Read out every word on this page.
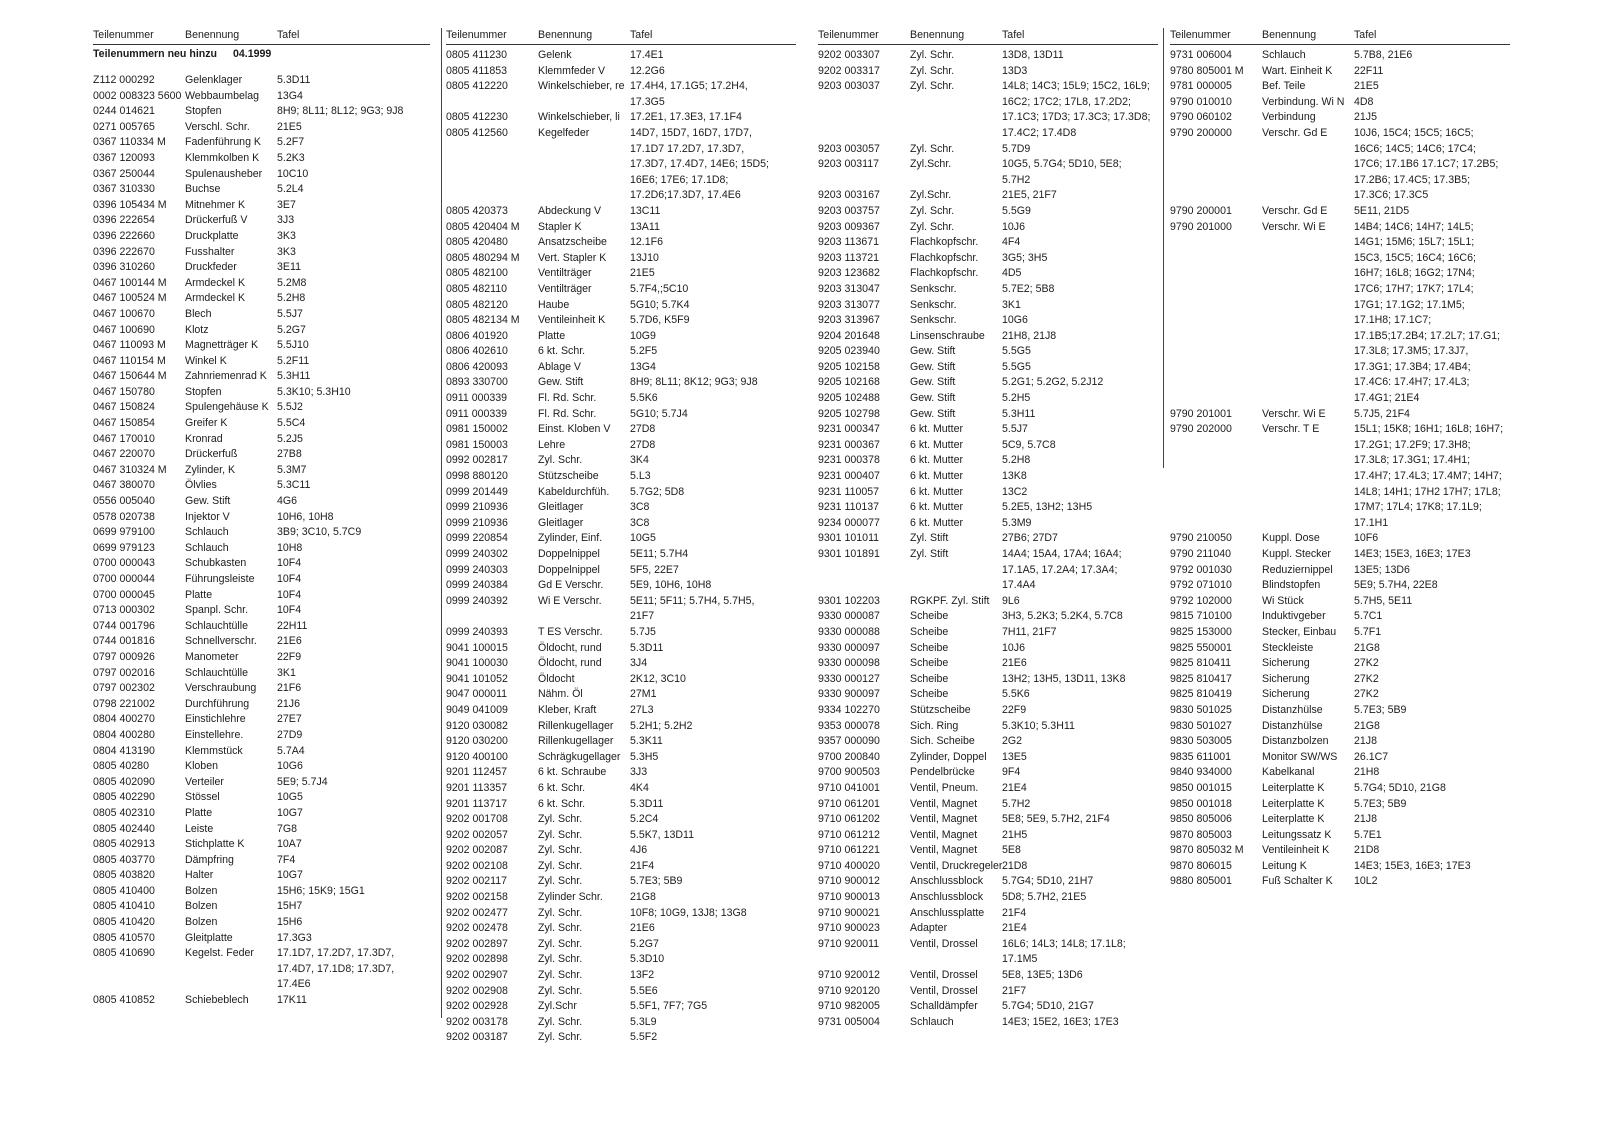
Teilenummer	Benennung	Tafel
Teilenummern neu hinzu 04.1999
Z112 000292	Gelenklager	5.3D11
0002 008323 5600 Webbaumbelag	13G4
0244 014621	Stopfen	8H9; 8L11; 8L12; 9G3; 9J8
0271 005765	Verschl. Schr.	21E5
0367 110334 M	Fadenführung K	5.2F7
0367 120093	Klemmkolben K	5.2K3
0367 250044	Spulenausheber	10C10
0367 310330	Buchse	5.2L4
0396 105434 M	Mitnehmer K	3E7
0396 222654	Drückerfuß V	3J3
0396 222660	Druckplatte	3K3
0396 222670	Fusshalter	3K3
0396 310260	Druckfeder	3E11
0467 100144 M	Armdeckel K	5.2M8
0467 100524 M	Armdeckel K	5.2H8
0467 100670	Blech	5.5J7
0467 100690	Klotz	5.2G7
0467 110093 M	Magnetträger K	5.5J10
0467 110154 M	Winkel K	5.2F11
0467 150644 M	Zahnriemenrad K 5.3H11
0467 150780	Stopfen	5.3K10; 5.3H10
0467 150824	Spulengehäuse K 5.5J2
0467 150854	Greifer K	5.5C4
0467 170010	Kronrad	5.2J5
0467 220070	Drückerfuß	27B8
0467 310324 M	Zylinder, K	5.3M7
0467 380070	Ölvlies	5.3C11
0556 005040	Gew. Stift	4G6
0578 020738	Injektor V	10H6, 10H8
0699 979100	Schlauch	3B9; 3C10, 5.7C9
0699 979123	Schlauch	10H8
0700 000043	Schubkasten	10F4
0700 000044	Führungsleiste	10F4
0700 000045	Platte	10F4
0713 000302	Spanpl. Schr.	10F4
0744 001796	Schlauchtülle	22H11
0744 001816	Schnellverschr.	21E6
0797 000926	Manometer	22F9
0797 002016	Schlauchtülle	3K1
0797 002302	Verschraubung	21F6
0798 221002	Durchführung	21J6
0804 400270	Einstichlehre	27E7
0804 400280	Einstellehre.	27D9
0804 413190	Klemmstück	5.7A4
0805 40280	Kloben	10G6
0805 402090	Verteiler	5E9; 5.7J4
0805 402290	Stössel	10G5
0805 402310	Platte	10G7
0805 402440	Leiste	7G8
0805 402913	Stichplatte K	10A7
0805 403770	Dämpfring	7F4
0805 403820	Halter	10G7
0805 410400	Bolzen	15H6; 15K9; 15G1
0805 410410	Bolzen	15H7
0805 410420	Bolzen	15H6
0805 410570	Gleitplatte	17.3G3
0805 410690	Kegelst. Feder	17.1D7, 17.2D7, 17.3D7, 17.4D7, 17.1D8; 17.3D7, 17.4E6
0805 410852	Schiebeblech	17K11
Teilenummer	Benennung	Tafel
0805 411230	Gelenk	17.4E1
0805 411853	Klemmfeder V	12.2G6
0805 412220	Winkelschieber, re 17.4H4, 17.1G5; 17.2H4, 17.3G5
0805 412230	Winkelschieber, li 17.2E1, 17.3E3, 17.1F4
0805 412560	Kegelfeder	14D7, 15D7, 16D7, 17D7, 17.1D7 17.2D7, 17.3D7, 17.3D7, 17.4D7, 14E6; 15D5; 16E6; 17E6; 17.1D8; 17.2D6;17.3D7, 17.4E6
0805 420373	Abdeckung V	13C11
0805 420404 M	Stapler K	13A11
0805 420480	Ansatzscheibe	12.1F6
0805 480294 M	Vert. Stapler K	13J10
0805 482100	Ventilträger	21E5
0805 482110	Ventilträger	5.7F4,;5C10
0805 482120	Haube	5G10; 5.7K4
0805 482134 M	Ventileinheit K	5.7D6, K5F9
0806 401920	Platte	10G9
0806 402610	6 kt. Schr.	5.2F5
0806 420093	Ablage V	13G4
0893 330700	Gew. Stift	8H9; 8L11; 8K12; 9G3; 9J8
0911 000339	Fl. Rd. Schr.	5.5K6
0911 000339	Fl. Rd. Schr.	5G10; 5.7J4
0981 150002	Einst. Kloben V	27D8
0981 150003	Lehre	27D8
0992 002817	Zyl. Schr.	3K4
0998 880120	Stützscheibe	5.L3
0999 201449	Kabeldurchfüh.	5.7G2; 5D8
0999 210936	Gleitlager	3C8
0999 210936	Gleitlager	3C8
0999 220854	Zylinder, Einf.	10G5
0999 240302	Doppelnippel	5E11; 5.7H4
0999 240303	Doppelnippel	5F5, 22E7
0999 240384	Gd E Verschr.	5E9, 10H6, 10H8
0999 240392	Wi E Verschr.	5E11; 5F11; 5.7H4, 5.7H5, 21F7
0999 240393	T ES Verschr.	5.7J5
9041 100015	Öldocht, rund	5.3D11
9041 100030	Öldocht, rund	3J4
9041 101052	Öldocht	2K12, 3C10
9047 000011	Nähm. Öl	27M1
9049 041009	Kleber, Kraft	27L3
9120 030082	Rillenkugellager	5.2H1; 5.2H2
9120 030200	Rillenkugellager	5.3K11
9120 400100	Schrägkugellager 5.3H5
9201 112457	6 kt. Schraube	3J3
9201 113357	6 kt. Schr.	4K4
9201 113717	6 kt. Schr.	5.3D11
9202 001708	Zyl. Schr.	5.2C4
9202 002057	Zyl. Schr.	5.5K7, 13D11
9202 002087	Zyl. Schr.	4J6
9202 002108	Zyl. Schr.	21F4
9202 002117	Zyl. Schr.	5.7E3; 5B9
9202 002158	Zylinder Schr.	21G8
9202 002477	Zyl. Schr.	10F8; 10G9, 13J8; 13G8
9202 002478	Zyl. Schr.	21E6
9202 002897	Zyl. Schr.	5.2G7
9202 002898	Zyl. Schr.	5.3D10
9202 002907	Zyl. Schr.	13F2
9202 002908	Zyl. Schr.	5.5E6
9202 002928	Zyl.Schr	5.5F1, 7F7; 7G5
9202 003178	Zyl. Schr.	5.3L9
9202 003187	Zyl. Schr.	5.5F2
Teilenummer	Benennung	Tafel
9202 003307	Zyl. Schr.	13D8, 13D11
9202 003317	Zyl. Schr.	13D3
9203 003037	Zyl. Schr.	14L8; 14C3; 15L9; 15C2, 16L9; 16C2; 17C2; 17L8, 17.2D2; 17.1C3; 17D3; 17.3C3; 17.3D8; 17.4C2; 17.4D8
9203 003057	Zyl. Schr.	5.7D9
9203 003117	Zyl.Schr.	10G5, 5.7G4; 5D10, 5E8; 5.7H2
9203 003167	Zyl.Schr.	21E5, 21F7
9203 003757	Zyl. Schr.	5.5G9
9203 009367	Zyl. Schr.	10J6
9203 113671	Flachkopfschr.	4F4
9203 113721	Flachkopfschr.	3G5; 3H5
9203 123682	Flachkopfschr.	4D5
9203 313047	Senkschr.	5.7E2; 5B8
9203 313077	Senkschr.	3K1
9203 313967	Senkschr.	10G6
9204 201648	Linsenschraube	21H8, 21J8
9205 023940	Gew. Stift	5.5G5
9205 102158	Gew. Stift	5.5G5
9205 102168	Gew. Stift	5.2G1; 5.2G2, 5.2J12
9205 102488	Gew. Stift	5.2H5
9205 102798	Gew. Stift	5.3H11
9231 000347	6 kt. Mutter	5.5J7
9231 000367	6 kt. Mutter	5C9, 5.7C8
9231 000378	6 kt. Mutter	5.2H8
9231 000407	6 kt. Mutter	13K8
9231 110057	6 kt. Mutter	13C2
9231 110137	6 kt. Mutter	5.2E5, 13H2; 13H5
9234 000077	6 kt. Mutter	5.3M9
9301 101011	Zyl. Stift	27B6; 27D7
9301 101891	Zyl. Stift	14A4; 15A4, 17A4; 16A4; 17.1A5, 17.2A4; 17.3A4; 17.4A4
9301 102203	RGKPF. Zyl. Stift	9L6
9330 000087	Scheibe	3H3, 5.2K3; 5.2K4, 5.7C8
9330 000088	Scheibe	7H11, 21F7
9330 000097	Scheibe	10J6
9330 000098	Scheibe	21E6
9330 000127	Scheibe	13H2; 13H5, 13D11, 13K8
9330 900097	Scheibe	5.5K6
9334 102270	Stützscheibe	22F9
9353 000078	Sich. Ring	5.3K10; 5.3H11
9357 000090	Sich. Scheibe	2G2
9700 200840	Zylinder, Doppel	13E5
9700 900503	Pendelbrücke	9F4
9710 041001	Ventil, Pneum.	21E4
9710 061201	Ventil, Magnet	5.7H2
9710 061202	Ventil, Magnet	5E8; 5E9, 5.7H2, 21F4
9710 061212	Ventil, Magnet	21H5
9710 061221	Ventil, Magnet	5E8
9710 400020	Ventil, Druckregeler 21D8
9710 900012	Anschlussblock	5.7G4; 5D10, 21H7
9710 900013	Anschlussblock	5D8; 5.7H2, 21E5
9710 900021	Anschlussplatte	21F4
9710 900023	Adapter	21E4
9710 920011	Ventil, Drossel	16L6; 14L3; 14L8; 17.1L8; 17.1M5
9710 920012	Ventil, Drossel	5E8, 13E5; 13D6
9710 920120	Ventil, Drossel	21F7
9710 982005	Schalldämpfer	5.7G4; 5D10, 21G7
9731 005004	Schlauch	14E3; 15E2, 16E3; 17E3
Teilenummer	Benennung	Tafel
9731 006004	Schlauch	5.7B8, 21E6
9780 805001 M	Wart. Einheit K	22F11
9781 000005	Bef. Teile	21E5
9790 010010	Verbindung. Wi N 4D8
9790 060102	Verbindung	21J5
9790 200000	Verschr. Gd E	10J6, 15C4; 15C5; 16C5; 16C6; 14C5; 14C6; 17C4; 17C6; 17.1B6 17.1C7; 17.2B5; 17.2B6; 17.4C5; 17.3B5; 17.3C6; 17.3C5
9790 200001	Verschr. Gd E	5E11, 21D5
9790 201000	Verschr. Wi E	14B4; 14C6; 14H7; 14L5; 14G1; 15M6; 15L7; 15L1; 15C3, 15C5; 16C4; 16C6; 16H7; 16L8; 16G2; 17N4; 17C6; 17H7; 17K7; 17L4; 17G1; 17.1G2; 17.1M5; 17.1H8; 17.1C7; 17.1B5;17.2B4; 17.2L7; 17.G1; 17.3L8; 17.3M5; 17.3J7, 17.3G1; 17.3B4; 17.4B4; 17.4C6: 17.4H7; 17.4L3; 17.4G1; 21E4
9790 201001	Verschr. Wi E	5.7J5, 21F4
9790 202000	Verschr. T E	15L1; 15K8; 16H1; 16L8; 16H7; 17.2G1; 17.2F9; 17.3H8; 17.3L8; 17.3G1; 17.4H1; 17.4H7; 17.4L3; 17.4M7; 14H7; 14L8; 14H1; 17H2 17H7; 17L8; 17M7; 17L4; 17K8; 17.1L9; 17.1H1
9790 210050	Kuppl. Dose	10F6
9790 211040	Kuppl. Stecker	14E3; 15E3, 16E3; 17E3
9792 001030	Reduziernippel	13E5; 13D6
9792 071010	Blindstopfen	5E9; 5.7H4, 22E8
9792 102000	Wi Stück	5.7H5, 5E11
9815 710100	Induktivgeber	5.7C1
9825 153000	Stecker, Einbau	5.7F1
9825 550001	Steckleiste	21G8
9825 810411	Sicherung	27K2
9825 810417	Sicherung	27K2
9825 810419	Sicherung	27K2
9830 501025	Distanzhülse	5.7E3; 5B9
9830 501027	Distanzhülse	21G8
9830 503005	Distanzbolzen	21J8
9835 611001	Monitor SW/WS	26.1C7
9840 934000	Kabelkanal	21H8
9850 001015	Leiterplatte K	5.7G4; 5D10, 21G8
9850 001018	Leiterplatte K	5.7E3; 5B9
9850 805006	Leiterplatte K	21J8
9870 805003	Leitungssatz K	5.7E1
9870 805032 M	Ventileinheit K	21D8
9870 806015	Leitung K	14E3; 15E3, 16E3; 17E3
9880 805001	Fuß Schalter K	10L2
